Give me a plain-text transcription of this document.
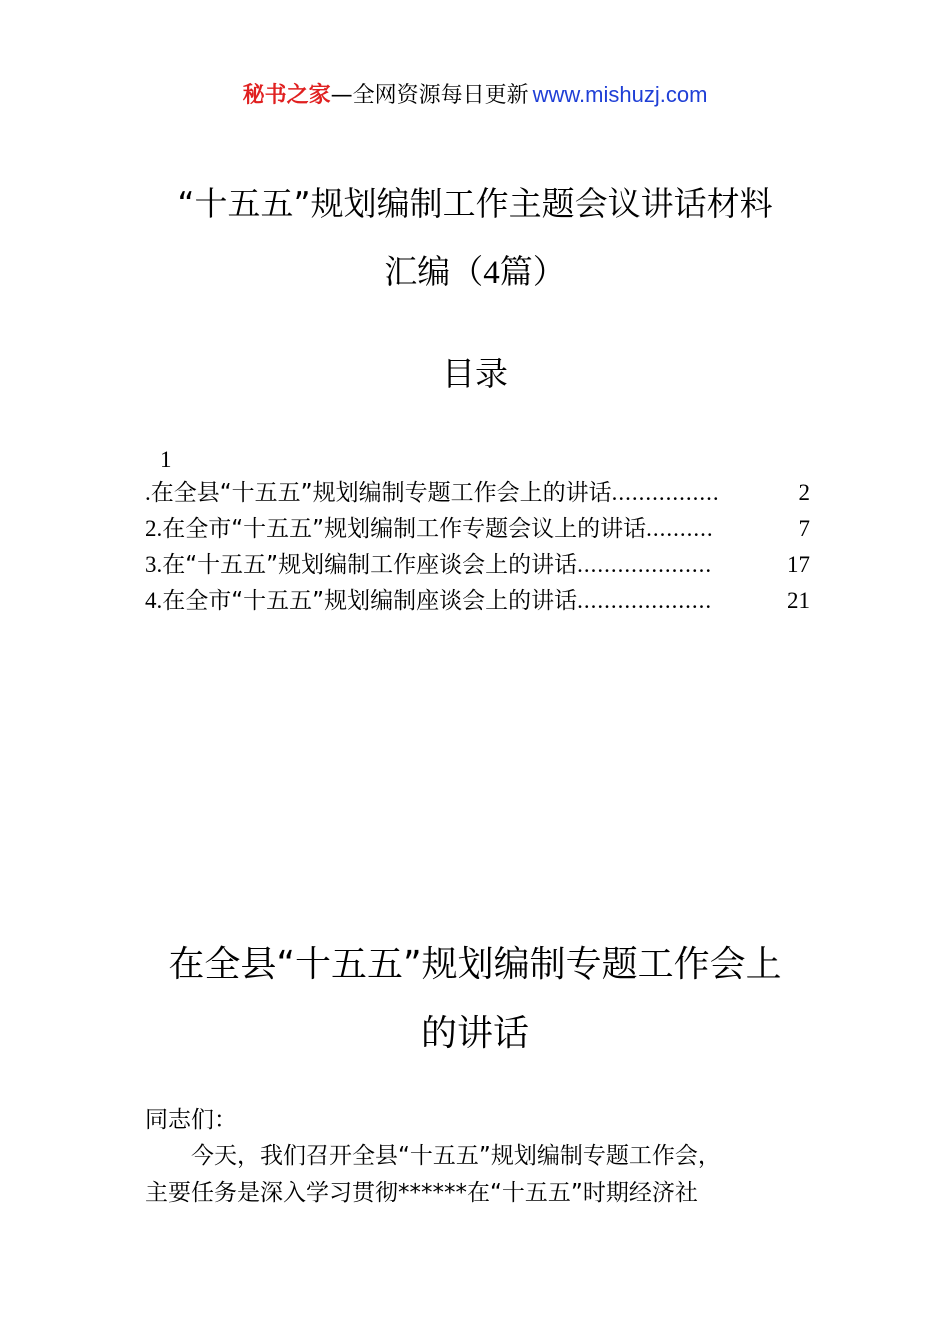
秘书之家—全网资源每日更新 www.mishuzj.com
“十五五”规划编制工作主题会议讲话材料
汇编（4篇）
目录
1
.在全县“十五五”规划编制专题工作会上的讲话 ................	2
2.在全市“十五五”规划编制工作专题会议上的讲话 ..........	7
3.在“十五五”规划编制工作座谈会上的讲话 ....................	17
4.在全市“十五五”规划编制座谈会上的讲话 ....................	21
在全县“十五五”规划编制专题工作会上
的讲话
同志们：
今天，我们召开全县“十五五”规划编制专题工作会，
主要任务是深入学习贯彻******在“十五五”时期经济社
